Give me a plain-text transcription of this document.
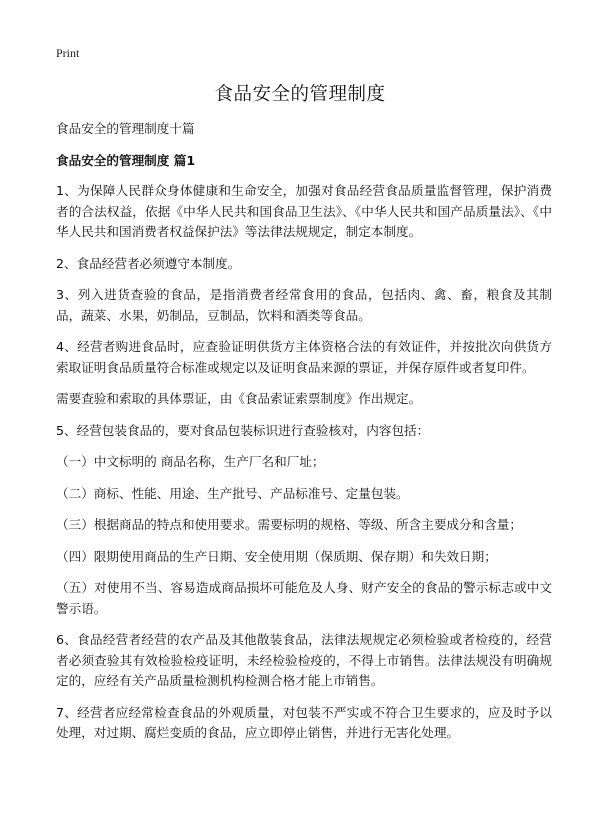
Print
食品安全的管理制度

食品安全的管理制度十篇

食品安全的管理制度 篇1

1、为保障人民群众身体健康和生命安全，加强对食品经营食品质量监督管理，保护消费者的合法权益，依据《中华人民共和国食品卫生法》、《中华人民共和国产品质量法》、《中华人民共和国消费者权益保护法》等法律法规规定，制定本制度。

2、食品经营者必须遵守本制度。

3、列入进货查验的食品，是指消费者经常食用的食品，包括肉、禽、畜，粮食及其制品，蔬菜、水果，奶制品，豆制品，饮料和酒类等食品。

4、经营者购进食品时，应查验证明供货方主体资格合法的有效证件，并按批次向供货方索取证明食品质量符合标准或规定以及证明食品来源的票证，并保存原件或者复印件。

需要查验和索取的具体票证，由《食品索证索票制度》作出规定。

5、经营包装食品的，要对食品包装标识进行查验核对，内容包括：

（一）中文标明的 商品名称，生产厂名和厂址；

（二）商标、性能、用途、生产批号、产品标准号、定量包装。

（三）根据商品的特点和使用要求。需要标明的规格、等级、所含主要成分和含量；

（四）限期使用商品的生产日期、安全使用期（保质期、保存期）和失效日期；

（五）对使用不当、容易造成商品损坏可能危及人身、财产安全的食品的警示标志或中文警示语。

6、食品经营者经营的农产品及其他散装食品，法律法规规定必须检验或者检疫的，经营者必须查验其有效检验检疫证明，未经检验检疫的，不得上市销售。法律法规没有明确规定的，应经有关产品质量检测机构检测合格才能上市销售。

7、经营者应经常检查食品的外观质量，对包装不严实或不符合卫生要求的，应及时予以处理，对过期、腐烂变质的食品，应立即停止销售，并进行无害化处理。
